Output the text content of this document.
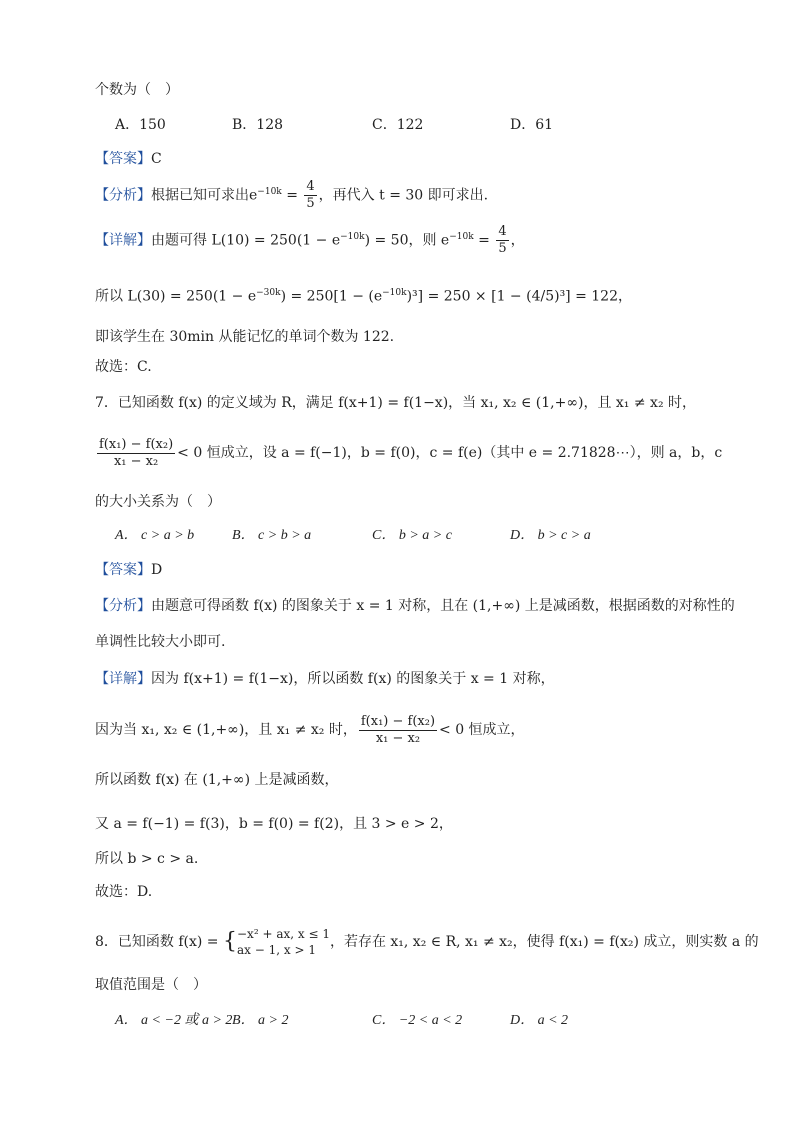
个数为（　）
A．150	B．128	C．122	D．61
【答案】C
【分析】根据已知可求出$e^{-10k} = \frac{4}{5}$ ，再代入 t = 30 即可求出.
【详解】由题可得 $L(10) = 250(1 - e^{-10k}) = 50$，则 $e^{-10k} = \frac{4}{5}$ ，
所以 $L(30) = 250(1 - e^{-30k}) = 250[1 - (e^{-10k})^3] = 250 \times [1 - (4/5)^3] = 122$，
即该学生在 30min 从能记忆的单词个数为 122.
故选：C.
7．已知函数 f(x) 的定义域为 R，满足 f(x+1) = f(1−x)，当 x₁, x₂ ∈ (1,+∞)，且 x₁ ≠ x₂ 时，
$\frac{\text{f(x₁) − f(x₂)}}{\text{x₁ − x₂}} < 0$ 恒成立，设 a = f(−1)，b = f(0)，c = f(e)（其中 e = 2.71828⋯），则 a，b，c
的大小关系为（　）
A． c > a > b	B． c > b > a	C． b > a > c	D． b > c > a
【答案】D
【分析】由题意可得函数 f(x) 的图象关于 x = 1 对称，且在 (1,+∞) 上是减函数，根据函数的对称性的
单调性比较大小即可.
【详解】因为 f(x+1) = f(1−x)，所以函数 f(x) 的图象关于 x = 1 对称，
因为当 x₁, x₂ ∈ (1,+∞)，且 x₁ ≠ x₂ 时， $\frac{\text{f(x₁) − f(x₂)}}{\text{x₁ − x₂}} < 0$ 恒成立，
所以函数 f(x) 在 (1,+∞) 上是减函数，
又 a = f(−1) = f(3)，b = f(0) = f(2)，且 3 > e > 2，
所以 b > c > a.
故选：D.
8．已知函数 f(x) = { −x² + ax, x ≤ 1
ax − 1, x > 1 ，若存在 x₁, x₂ ∈ R, x₁ ≠ x₂，使得 f(x₁) = f(x₂) 成立，则实数 a 的
取值范围是（　）
A． a < −2 或 a > 2 B． a > 2	C． −2 < a < 2	D． a < 2
